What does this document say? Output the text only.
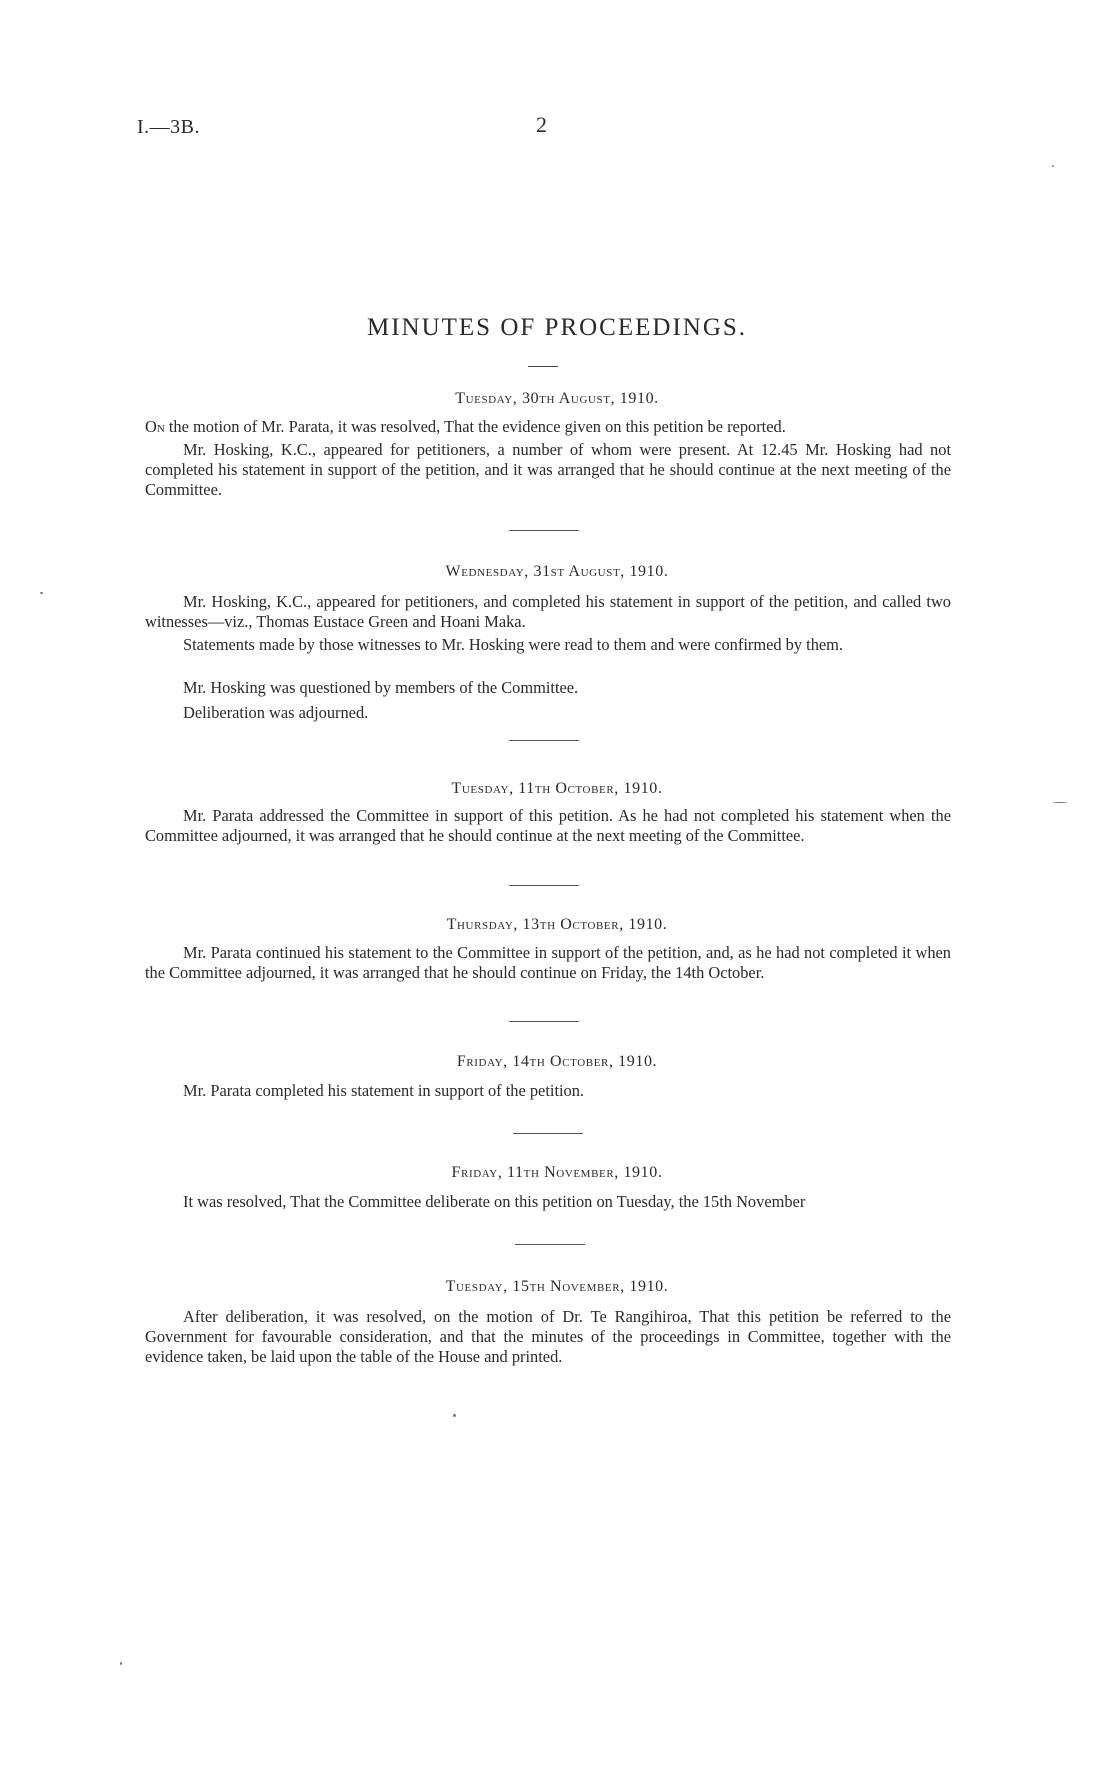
I.—3B.	2
MINUTES OF PROCEEDINGS.
Tuesday, 30th August, 1910.

On the motion of Mr. Parata, it was resolved, That the evidence given on this petition be reported.

Mr. Hosking, K.C., appeared for petitioners, a number of whom were present. At 12.45 Mr. Hosking had not completed his statement in support of the petition, and it was arranged that he should continue at the next meeting of the Committee.

Wednesday, 31st August, 1910.

Mr. Hosking, K.C., appeared for petitioners, and completed his statement in support of the petition, and called two witnesses—viz., Thomas Eustace Green and Hoani Maka.

Statements made by those witnesses to Mr. Hosking were read to them and were confirmed by them.

Mr. Hosking was questioned by members of the Committee.

Deliberation was adjourned.

Tuesday, 11th October, 1910.

Mr. Parata addressed the Committee in support of this petition. As he had not completed his statement when the Committee adjourned, it was arranged that he should continue at the next meeting of the Committee.

Thursday, 13th October, 1910.

Mr. Parata continued his statement to the Committee in support of the petition, and, as he had not completed it when the Committee adjourned, it was arranged that he should continue on Friday, the 14th October.

Friday, 14th October, 1910.

Mr. Parata completed his statement in support of the petition.

Friday, 11th November, 1910.

It was resolved, That the Committee deliberate on this petition on Tuesday, the 15th November

Tuesday, 15th November, 1910.

After deliberation, it was resolved, on the motion of Dr. Te Rangihiroa, That this petition be referred to the Government for favourable consideration, and that the minutes of the proceedings in Committee, together with the evidence taken, be laid upon the table of the House and printed.
